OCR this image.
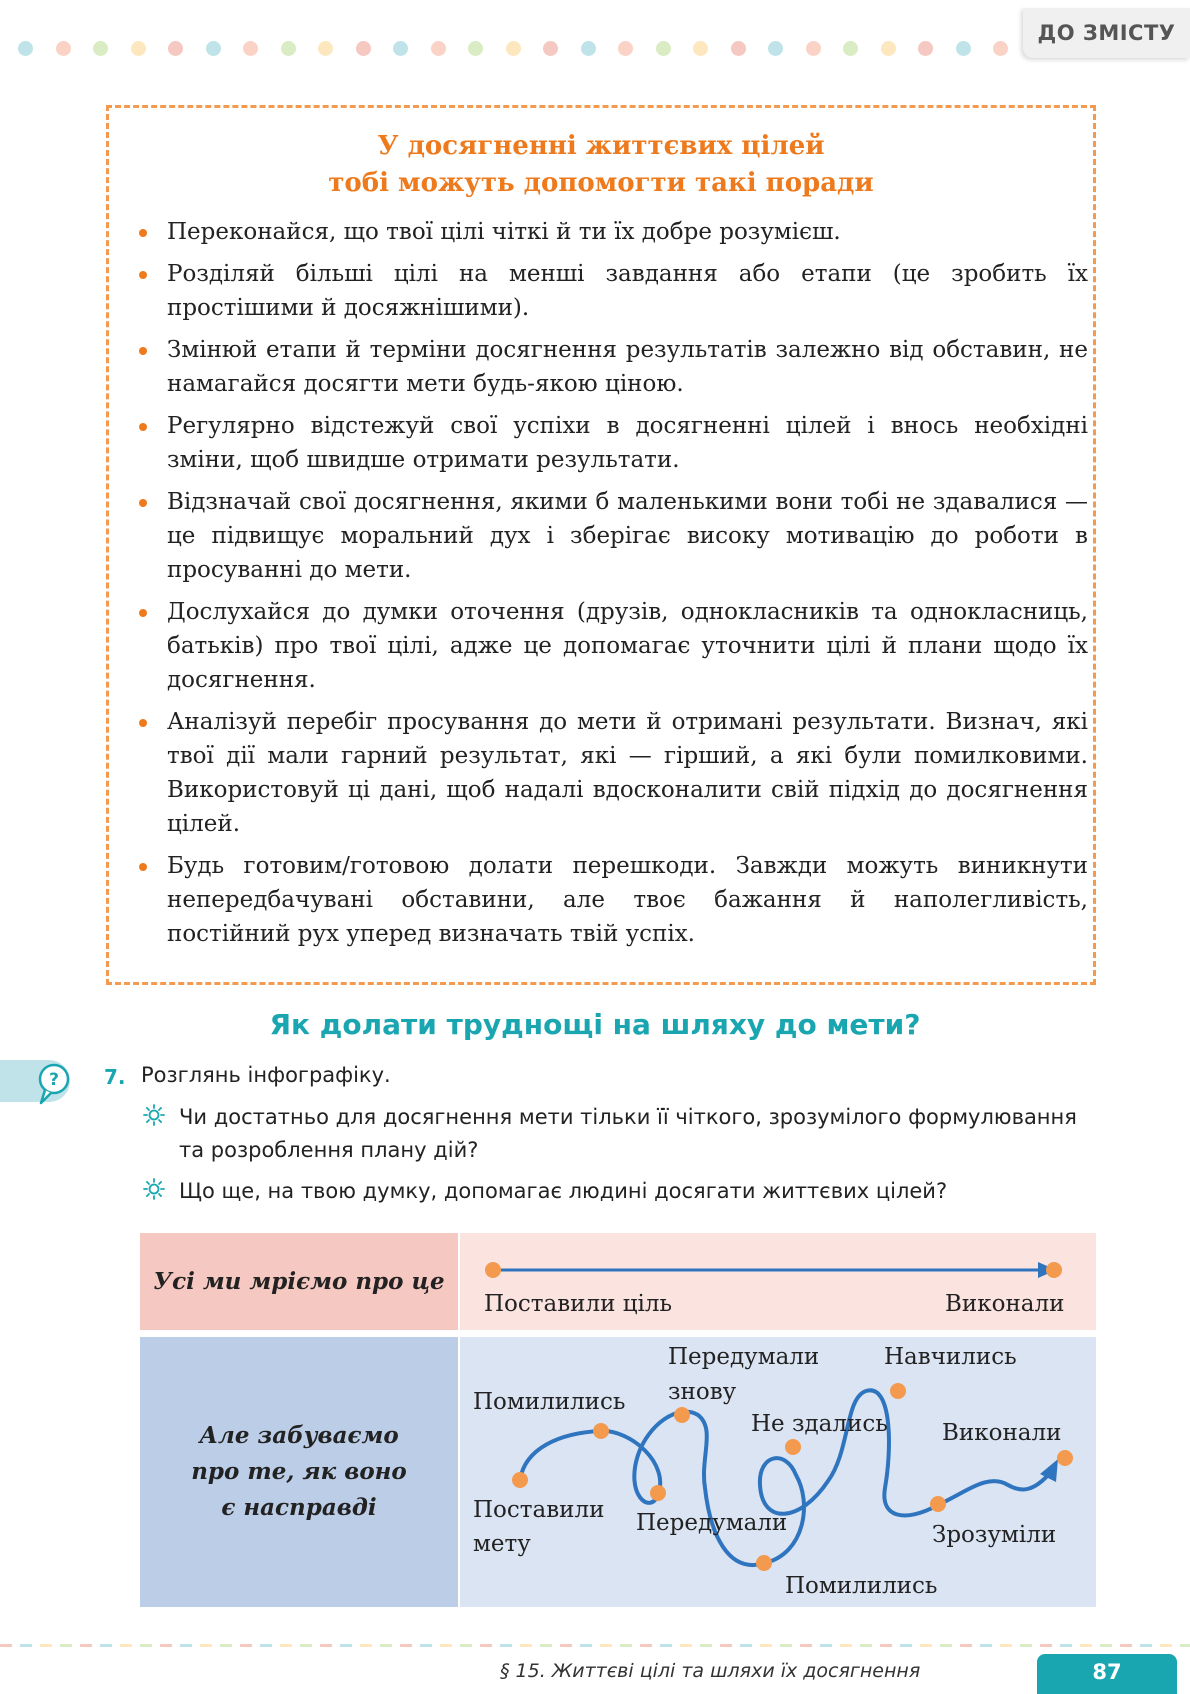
ДО ЗМІСТУ
У досягненні життєвих цілей
тобі можуть допомогти такі поради
Переконайся, що твої цілі чіткі й ти їх добре розумієш.
Розділяй більші цілі на менші завдання або етапи (це зробить їх простішими й досяжнішими).
Змінюй етапи й терміни досягнення результатів залежно від обставин, не намагайся досягти мети будь-якою ціною.
Регулярно відстежуй свої успіхи в досягненні цілей і внось необхідні зміни, щоб швидше отримати результати.
Відзначай свої досягнення, якими б маленькими вони тобі не здавалися — це підвищує моральний дух і зберігає високу мотивацію до роботи в просуванні до мети.
Дослухайся до думки оточення (друзів, однокласників та однокласниць, батьків) про твої цілі, адже це допомагає уточнити цілі й плани щодо їх досягнення.
Аналізуй перебіг просування до мети й отримані результати. Визнач, які твої дії мали гарний результат, які — гірший, а які були помилковими. Використовуй ці дані, щоб надалі вдосконалити свій підхід до досягнення цілей.
Будь готовим/готовою долати перешкоди. Завжди можуть виникнути непередбачувані обставини, але твоє бажання й наполегливість, постійний рух уперед визначать твій успіх.
Як долати труднощі на шляху до мети?
? 7. Розглянь інфографіку.
Чи достатньо для досягнення мети тільки її чіткого, зрозумілого формулювання та розроблення плану дій?
Що ще, на твою думку, допомагає людині досягати життєвих цілей?
Усі ми мріємо про це
Але забуваємо про те, як воно є насправді
Поставили ціль	Виконали
Поставили
мету
Помилились
Передумали
знову
Передумали
Помилились
Не здались
Навчились
Зрозуміли
Виконали
§ 15. Життєві цілі та шляхи їх досягнення	87
